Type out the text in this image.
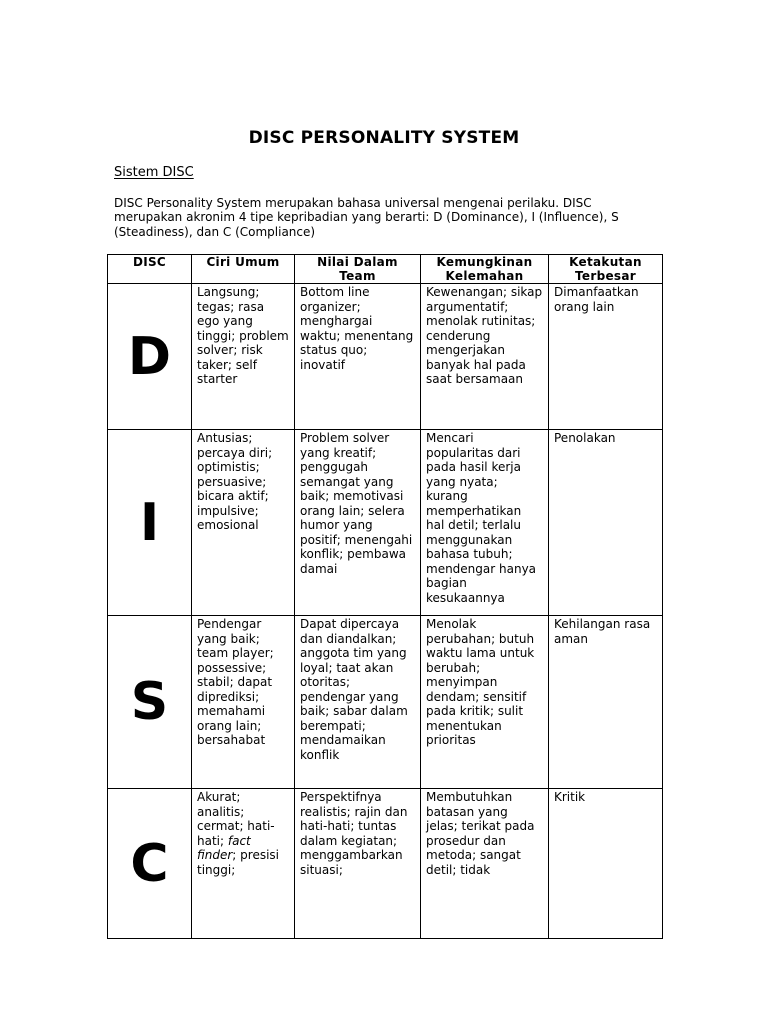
DISC PERSONALITY SYSTEM
Sistem DISC
DISC Personality System merupakan bahasa universal mengenai perilaku. DISC merupakan akronim 4 tipe kepribadian yang berarti: D (Dominance), I (Influence), S (Steadiness), dan C (Compliance)
DISC	Ciri Umum	Nilai Dalam Team	Kemungkinan Kelemahan	Ketakutan Terbesar
D	Langsung; tegas; rasa ego yang tinggi; problem solver; risk taker; self starter	Bottom line organizer; menghargai waktu; menentang status quo; inovatif	Kewenangan; sikap argumentatif; menolak rutinitas; cenderung mengerjakan banyak hal pada saat bersamaan	Dimanfaatkan orang lain
I	Antusias; percaya diri; optimistis; persuasive; bicara aktif; impulsive; emosional	Problem solver yang kreatif; penggugah semangat yang baik; memotivasi orang lain; selera humor yang positif; menengahi konflik; pembawa damai	Mencari popularitas dari pada hasil kerja yang nyata; kurang memperhatikan hal detil; terlalu menggunakan bahasa tubuh; mendengar hanya bagian kesukaannya	Penolakan
S	Pendengar yang baik; team player; possessive; stabil; dapat diprediksi; memahami orang lain; bersahabat	Dapat dipercaya dan diandalkan; anggota tim yang loyal; taat akan otoritas; pendengar yang baik; sabar dalam berempati; mendamaikan konflik	Menolak perubahan; butuh waktu lama untuk berubah; menyimpan dendam; sensitif pada kritik; sulit menentukan prioritas	Kehilangan rasa aman
C	Akurat; analitis; cermat; hati-hati; fact finder; presisi tinggi;	Perspektifnya realistis; rajin dan hati-hati; tuntas dalam kegiatan; menggambarkan situasi;	Membutuhkan batasan yang jelas; terikat pada prosedur dan metoda; sangat detil; tidak	Kritik
